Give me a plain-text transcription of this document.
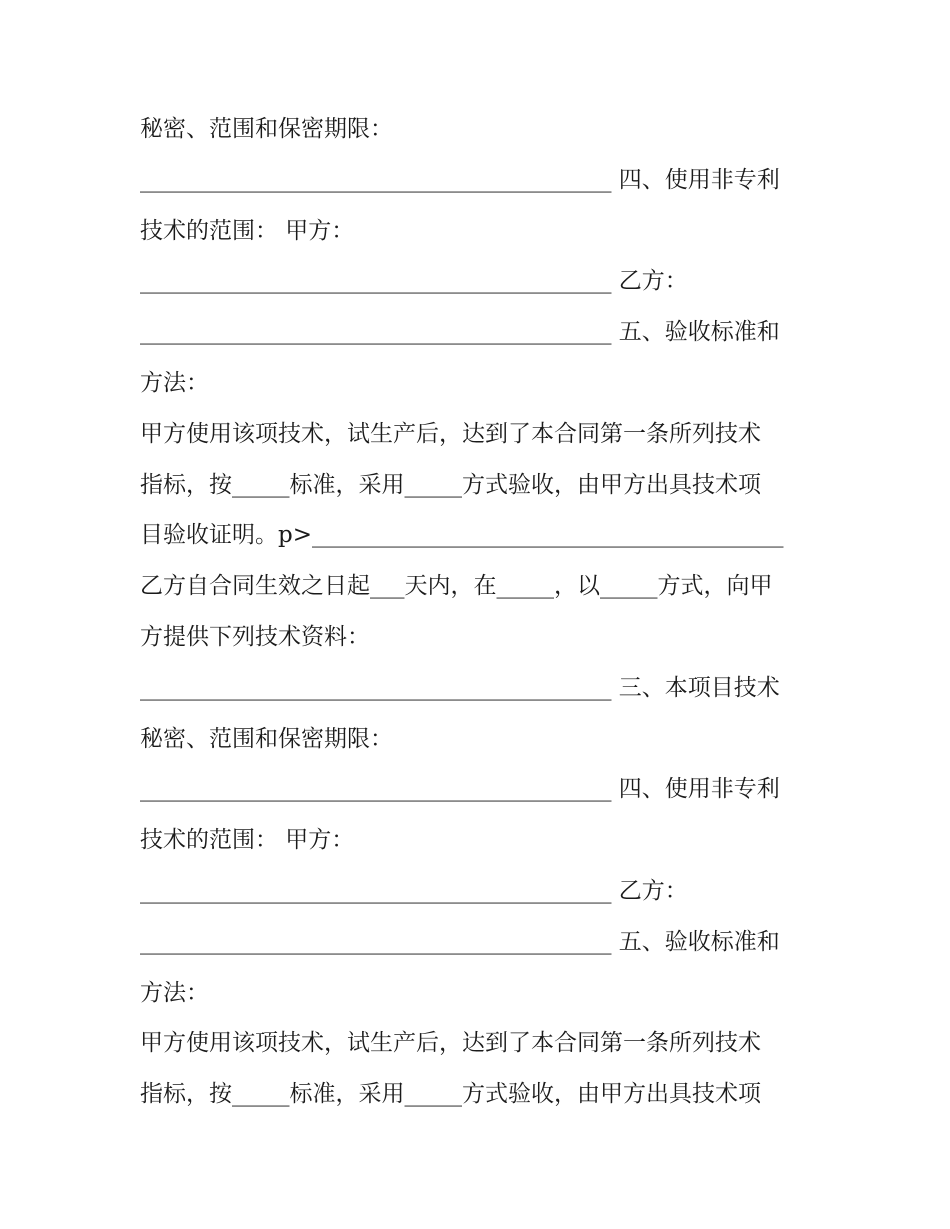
秘密、范围和保密期限：
_________________________________________ 四、使用非专利
技术的范围： 甲方：
_________________________________________ 乙方：
_________________________________________ 五、验收标准和
方法：
甲方使用该项技术，试生产后，达到了本合同第一条所列技术
指标，按_____标准，采用_____方式验收，由甲方出具技术项
目验收证明。p>_________________________________________
乙方自合同生效之日起___天内，在_____，以_____方式，向甲
方提供下列技术资料：
_________________________________________ 三、本项目技术
秘密、范围和保密期限：
_________________________________________ 四、使用非专利
技术的范围： 甲方：
_________________________________________ 乙方：
_________________________________________ 五、验收标准和
方法：
甲方使用该项技术，试生产后，达到了本合同第一条所列技术
指标，按_____标准，采用_____方式验收，由甲方出具技术项
